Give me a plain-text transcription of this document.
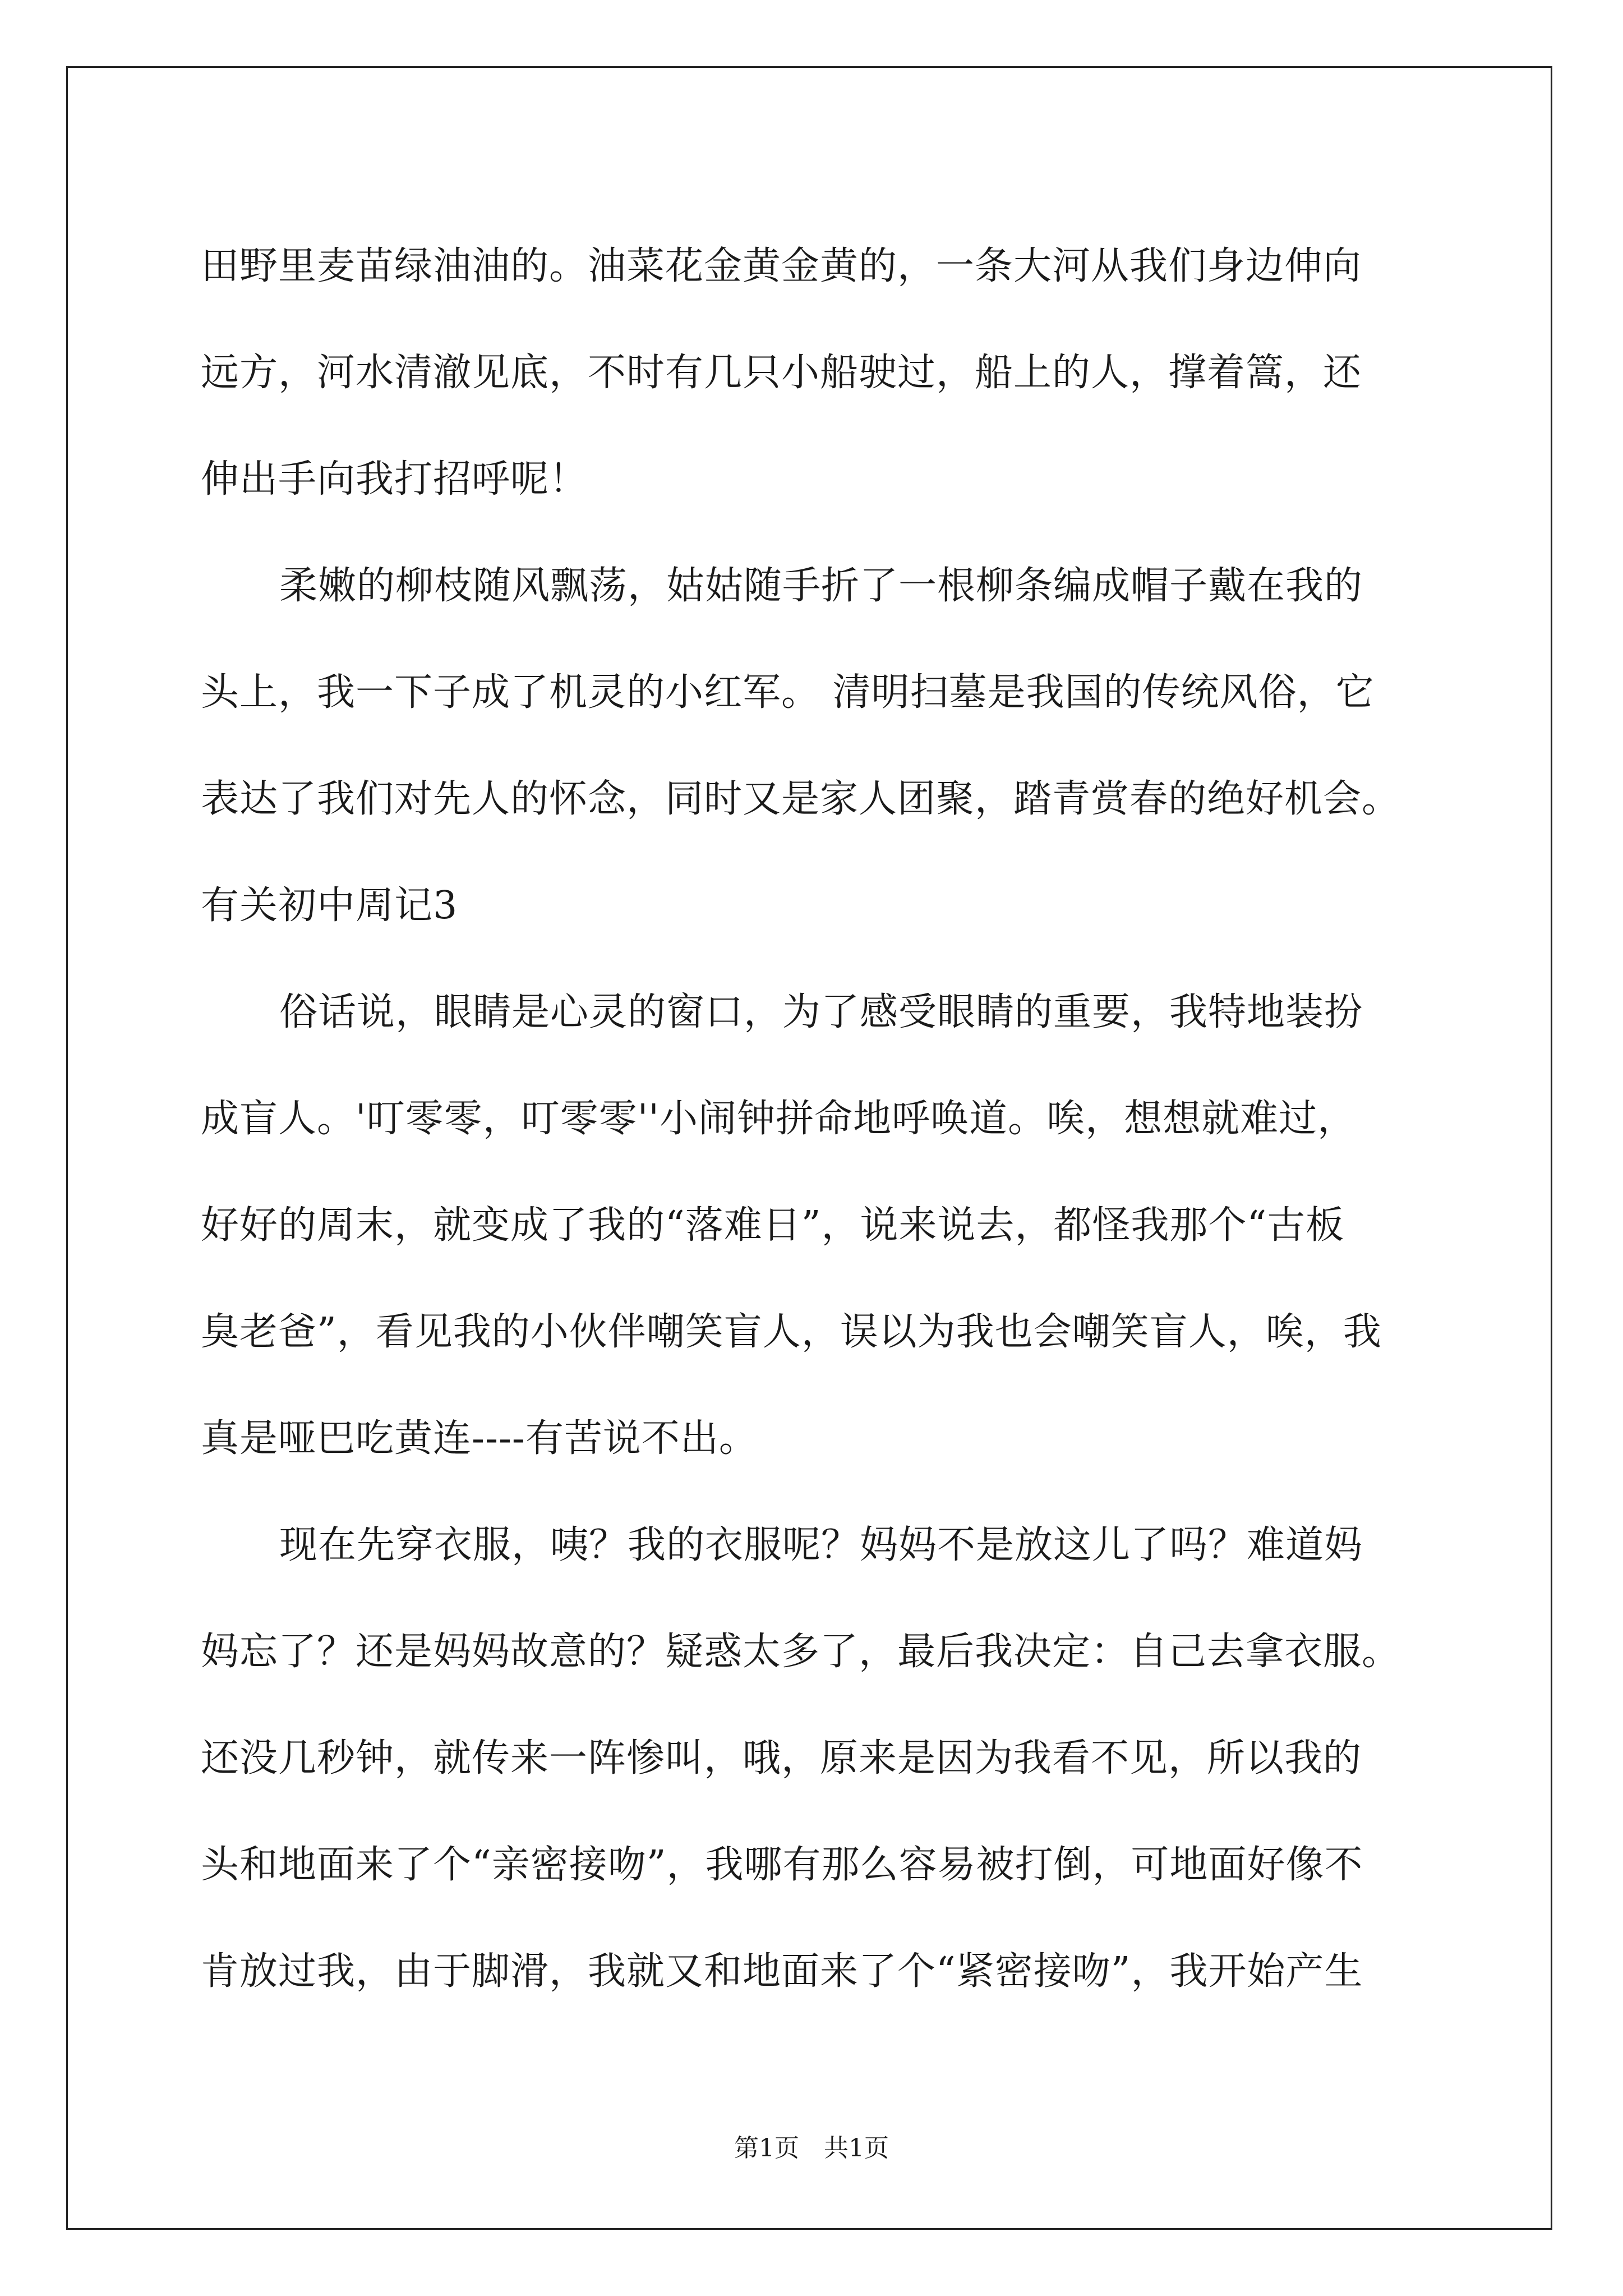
田野里麦苗绿油油的。油菜花金黄金黄的，一条大河从我们身边伸向
远方，河水清澈见底，不时有几只小船驶过，船上的人，撑着篙，还
伸出手向我打招呼呢！
柔嫩的柳枝随风飘荡，姑姑随手折了一根柳条编成帽子戴在我的
头上，我一下子成了机灵的小红军。 清明扫墓是我国的传统风俗，它
表达了我们对先人的怀念，同时又是家人团聚，踏青赏春的绝好机会。
有关初中周记3
俗话说，眼睛是心灵的窗口，为了感受眼睛的重要，我特地装扮
成盲人。'叮零零，叮零零''小闹钟拼命地呼唤道。唉，想想就难过，
好好的周末，就变成了我的“落难日”，说来说去，都怪我那个“古板
臭老爸”，看见我的小伙伴嘲笑盲人，误以为我也会嘲笑盲人，唉，我
真是哑巴吃黄连----有苦说不出。
现在先穿衣服，咦？我的衣服呢？妈妈不是放这儿了吗？难道妈
妈忘了？还是妈妈故意的？疑惑太多了，最后我决定：自己去拿衣服。
还没几秒钟，就传来一阵惨叫，哦，原来是因为我看不见，所以我的
头和地面来了个“亲密接吻”，我哪有那么容易被打倒，可地面好像不
肯放过我，由于脚滑，我就又和地面来了个“紧密接吻”，我开始产生
第1页 共1页
